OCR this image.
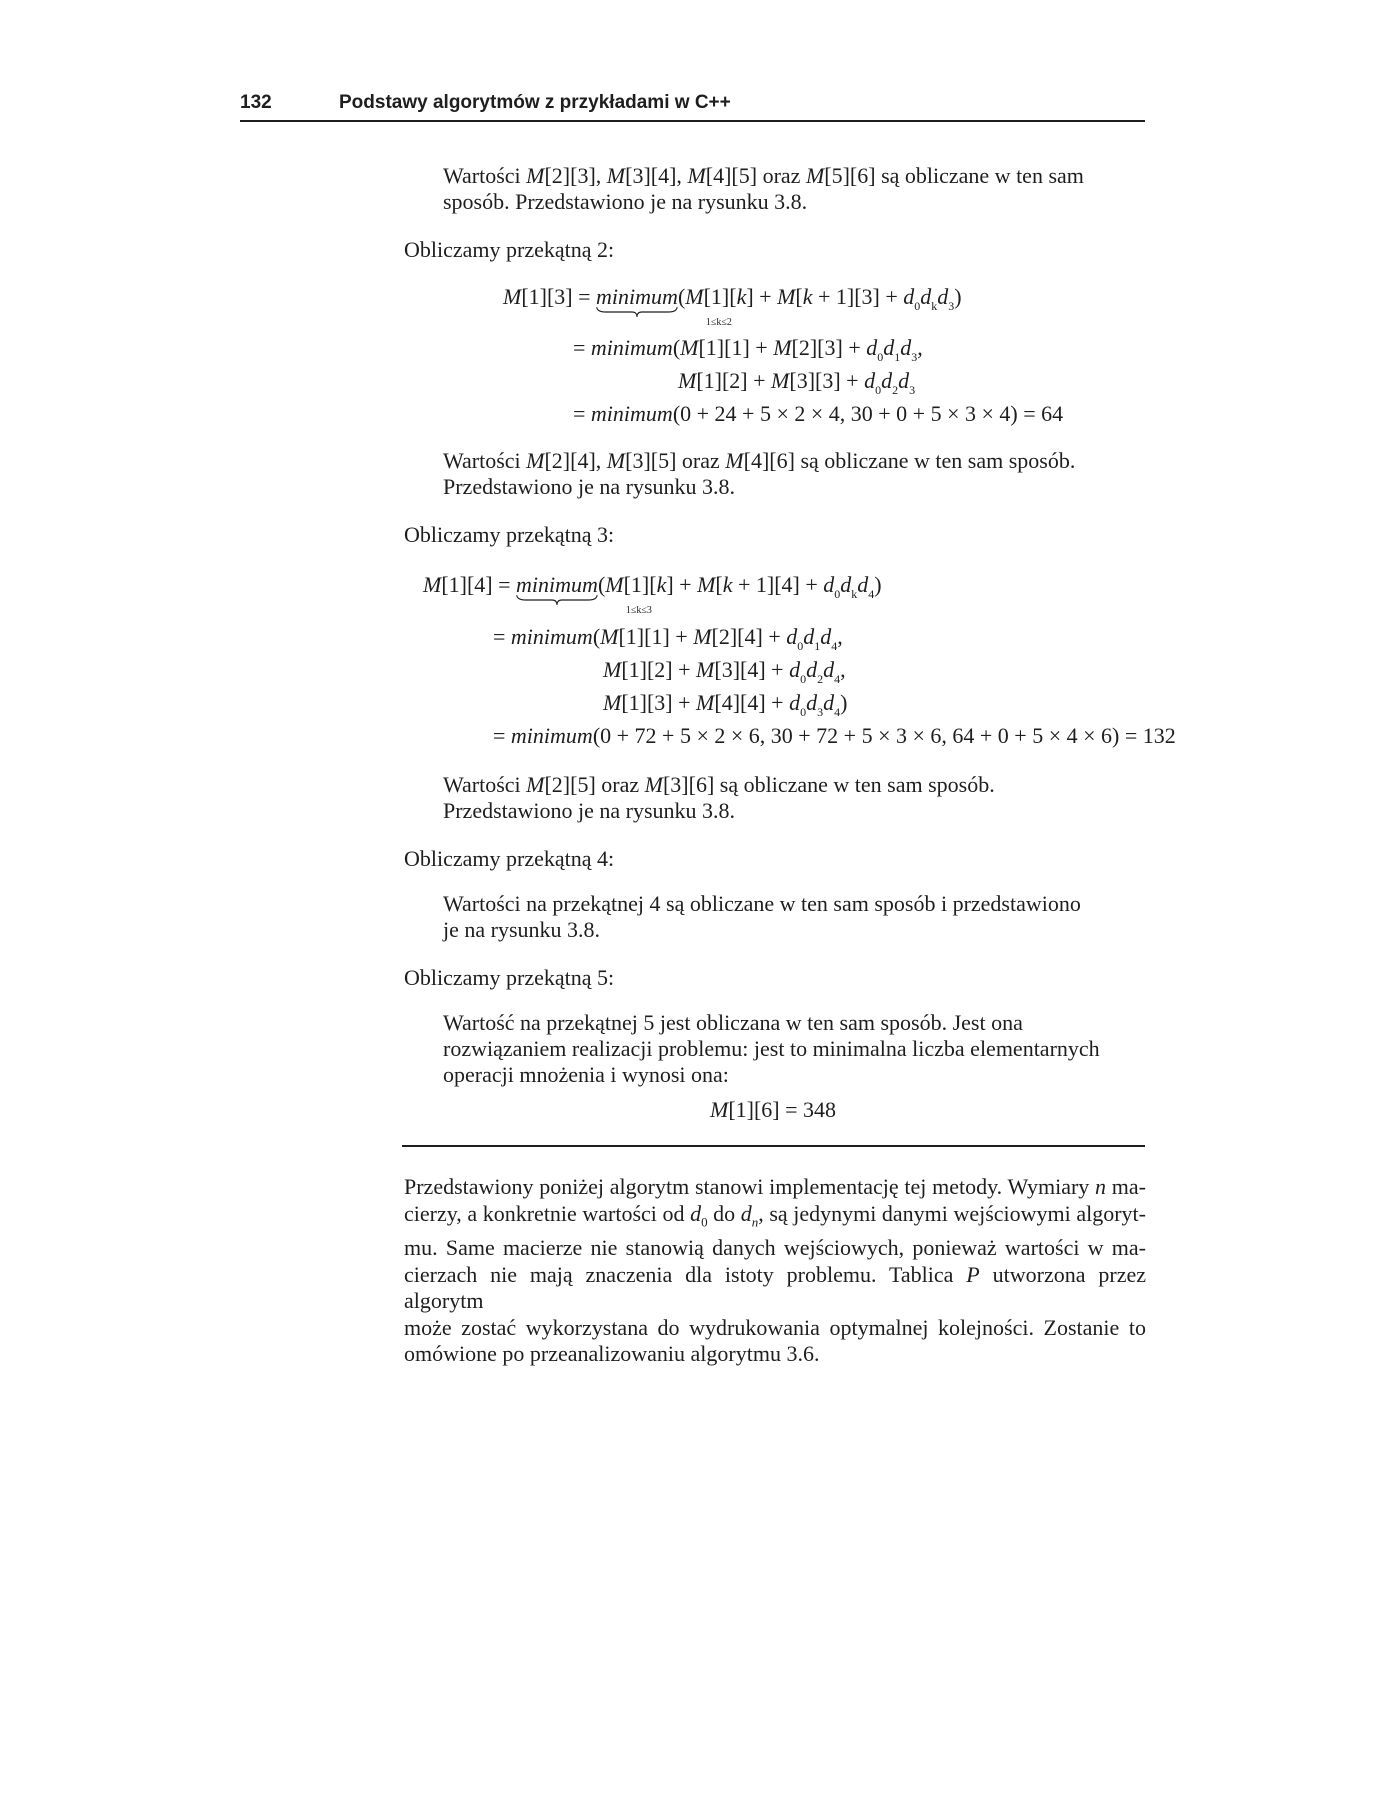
132	Podstawy algorytmów z przykładami w C++
Wartości M[2][3], M[3][4], M[4][5] oraz M[5][6] są obliczane w ten sam
sposób. Przedstawiono je na rysunku 3.8.
Obliczamy przekątną 2:
M[1][3] = minimum
1≤k≤2
$(M[1][k] + M[k + 1][3] + d_0d_kd_3)$
= minimum(M[1][1] + $M[2][3] + d_0d_1d_3$,
$M[1][2] + M[3][3] + d_0d_2d_3$
= minimum(0 + 24 + 5 × 2 × 4, 30 + 0 + 5 × 3 × 4) = 64
Wartości M[2][4], M[3][5] oraz M[4][6] są obliczane w ten sam sposób.
Przedstawiono je na rysunku 3.8.
Obliczamy przekątną 3:
M[1][4] = minimum
1≤k≤3
$(M[1][k] + M[k + 1][4] + d_0d_kd_4)$
= minimum(M[1][1] + $M[2][4] + d_0d_1d_4$,
$M[1][2] + M[3][4] + d_0d_2d_4$,
$M[1][3] + M[4][4] + d_0d_3d_4$)
= minimum(0 + 72 + 5 × 2 × 6, 30 + 72 + 5 × 3 × 6, 64 + 0 + 5 × 4 × 6) = 132
Wartości M[2][5] oraz M[3][6] są obliczane w ten sam sposób.
Przedstawiono je na rysunku 3.8.
Obliczamy przekątną 4:
Wartości na przekątnej 4 są obliczane w ten sam sposób i przedstawiono
je na rysunku 3.8.
Obliczamy przekątną 5:
Wartość na przekątnej 5 jest obliczana w ten sam sposób. Jest ona
rozwiązaniem realizacji problemu: jest to minimalna liczba elementarnych
operacji mnożenia i wynosi ona:
M[1][6] = 348
Przedstawiony poniżej algorytm stanowi implementację tej metody. Wymiary n ma-
cierzy, a konkretnie wartości od $d_0$ do $d_n$, są jedynymi danymi wejściowymi algoryt-
mu. Same macierze nie stanowią danych wejściowych, ponieważ wartości w ma-
cierzach nie mają znaczenia dla istoty problemu. Tablica P utworzona przez algorytm
może zostać wykorzystana do wydrukowania optymalnej kolejności. Zostanie to
omówione po przeanalizowaniu algorytmu 3.6.
